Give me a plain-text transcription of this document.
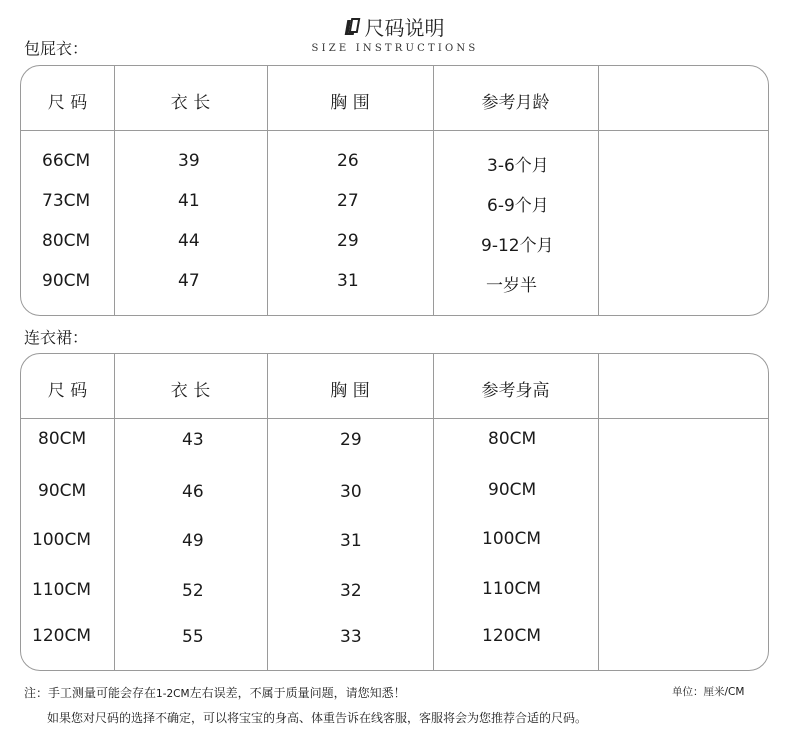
尺码说明
SIZE INSTRUCTIONS
包屁衣：
尺 码	衣 长	胸 围	参考月龄
66CM	39	26	3-6个月
73CM	41	27	6-9个月
80CM	44	29	9-12个月
90CM	47	31	一岁半
连衣裙：
尺 码	衣 长	胸 围	参考身高
80CM	43	29	80CM
90CM	46	30	90CM
100CM	49	31	100CM
110CM	52	32	110CM
120CM	55	33	120CM
注：手工测量可能会存在1-2CM左右误差，不属于质量问题，请您知悉！	单位：厘米/CM
如果您对尺码的选择不确定，可以将宝宝的身高、体重告诉在线客服，客服将会为您推荐合适的尺码。
